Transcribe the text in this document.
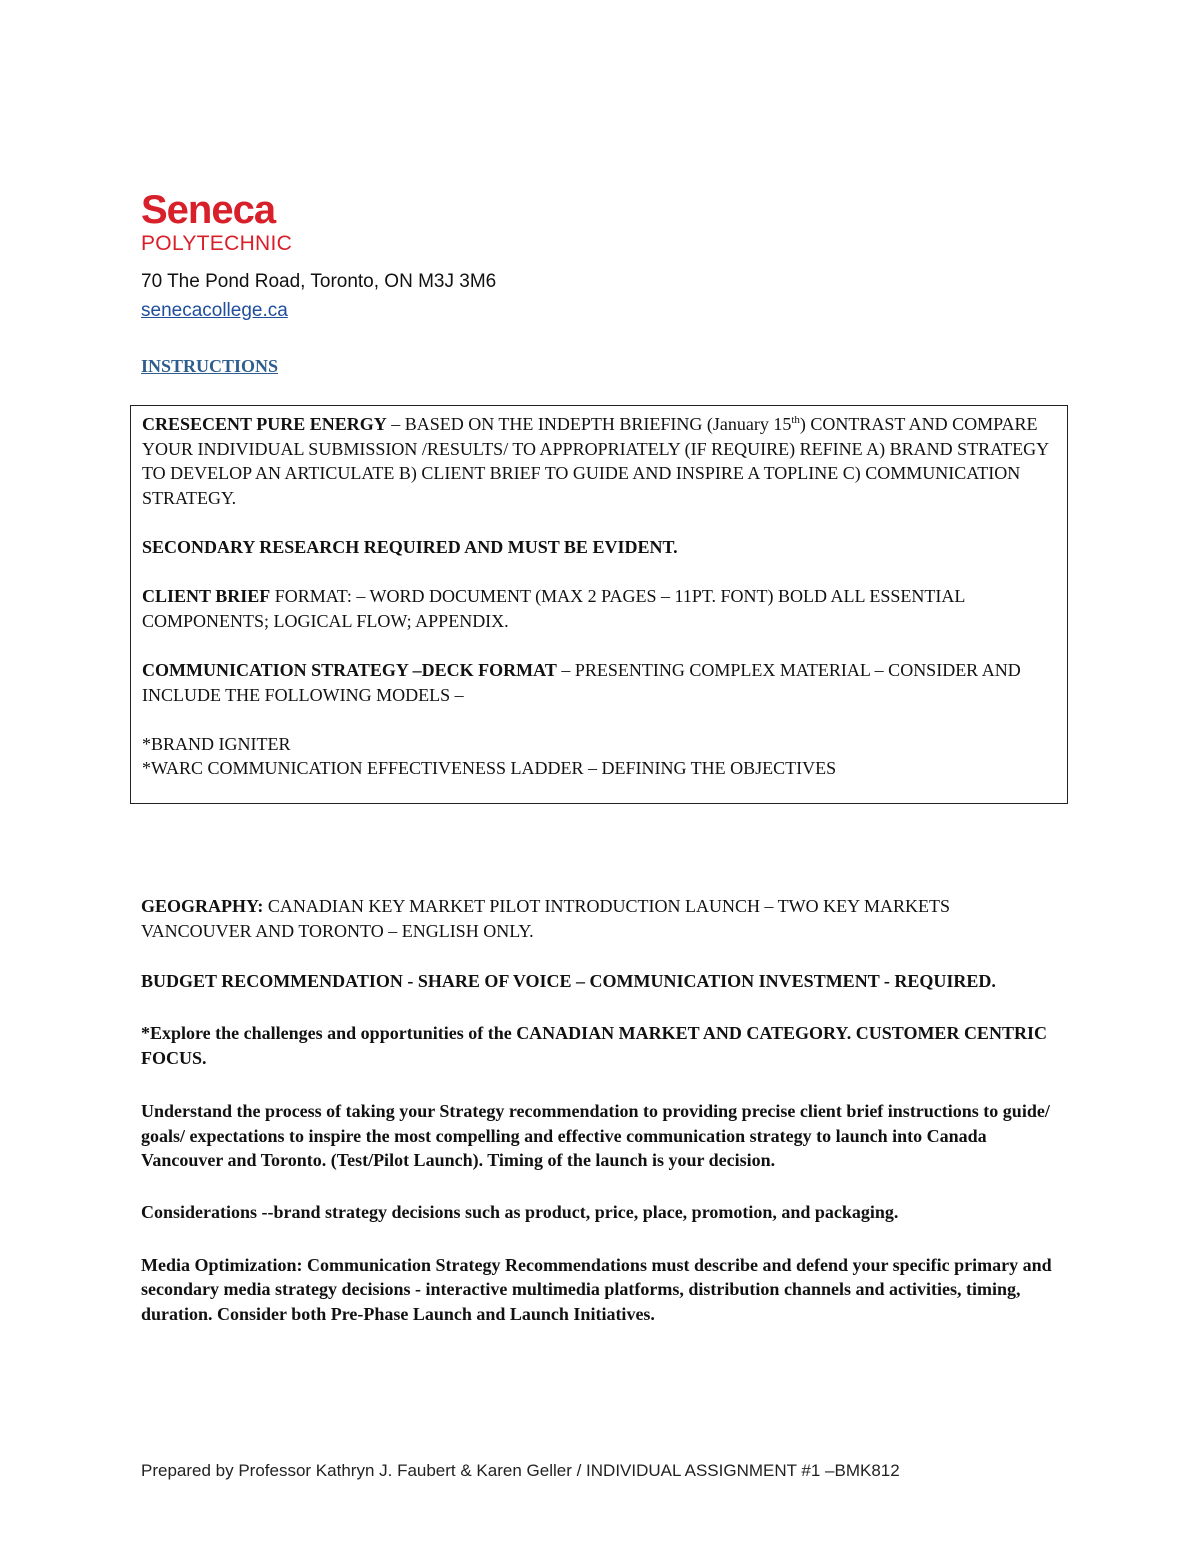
Seneca
POLYTECHNIC
70 The Pond Road, Toronto, ON M3J 3M6
senecacollege.ca
INSTRUCTIONS

CRESECENT PURE ENERGY – BASED ON THE INDEPTH BRIEFING (January 15th) CONTRAST AND COMPARE YOUR INDIVIDUAL SUBMISSION /RESULTS/ TO APPROPRIATELY (IF REQUIRE) REFINE A) BRAND STRATEGY TO DEVELOP AN ARTICULATE B) CLIENT BRIEF TO GUIDE AND INSPIRE A TOPLINE C) COMMUNICATION STRATEGY.

SECONDARY RESEARCH REQUIRED AND MUST BE EVIDENT.

CLIENT BRIEF FORMAT: – WORD DOCUMENT (MAX 2 PAGES – 11PT. FONT) BOLD ALL ESSENTIAL COMPONENTS; LOGICAL FLOW; APPENDIX.

COMMUNICATION STRATEGY –DECK FORMAT – PRESENTING COMPLEX MATERIAL – CONSIDER AND INCLUDE THE FOLLOWING MODELS –

*BRAND IGNITER

*WARC COMMUNICATION EFFECTIVENESS LADDER – DEFINING THE OBJECTIVES

GEOGRAPHY: CANADIAN KEY MARKET PILOT INTRODUCTION LAUNCH – TWO KEY MARKETS VANCOUVER AND TORONTO – ENGLISH ONLY.

BUDGET RECOMMENDATION - SHARE OF VOICE – COMMUNICATION INVESTMENT - REQUIRED.

*Explore the challenges and opportunities of the CANADIAN MARKET AND CATEGORY. CUSTOMER CENTRIC FOCUS.

Understand the process of taking your Strategy recommendation to providing precise client brief instructions to guide/ goals/ expectations to inspire the most compelling and effective communication strategy to launch into Canada Vancouver and Toronto. (Test/Pilot Launch). Timing of the launch is your decision.

Considerations --brand strategy decisions such as product, price, place, promotion, and packaging.

Media Optimization: Communication Strategy Recommendations must describe and defend your specific primary and secondary media strategy decisions - interactive multimedia platforms, distribution channels and activities, timing, duration. Consider both Pre-Phase Launch and Launch Initiatives.

Prepared by Professor Kathryn J. Faubert & Karen Geller / INDIVIDUAL ASSIGNMENT #1 –BMK812
